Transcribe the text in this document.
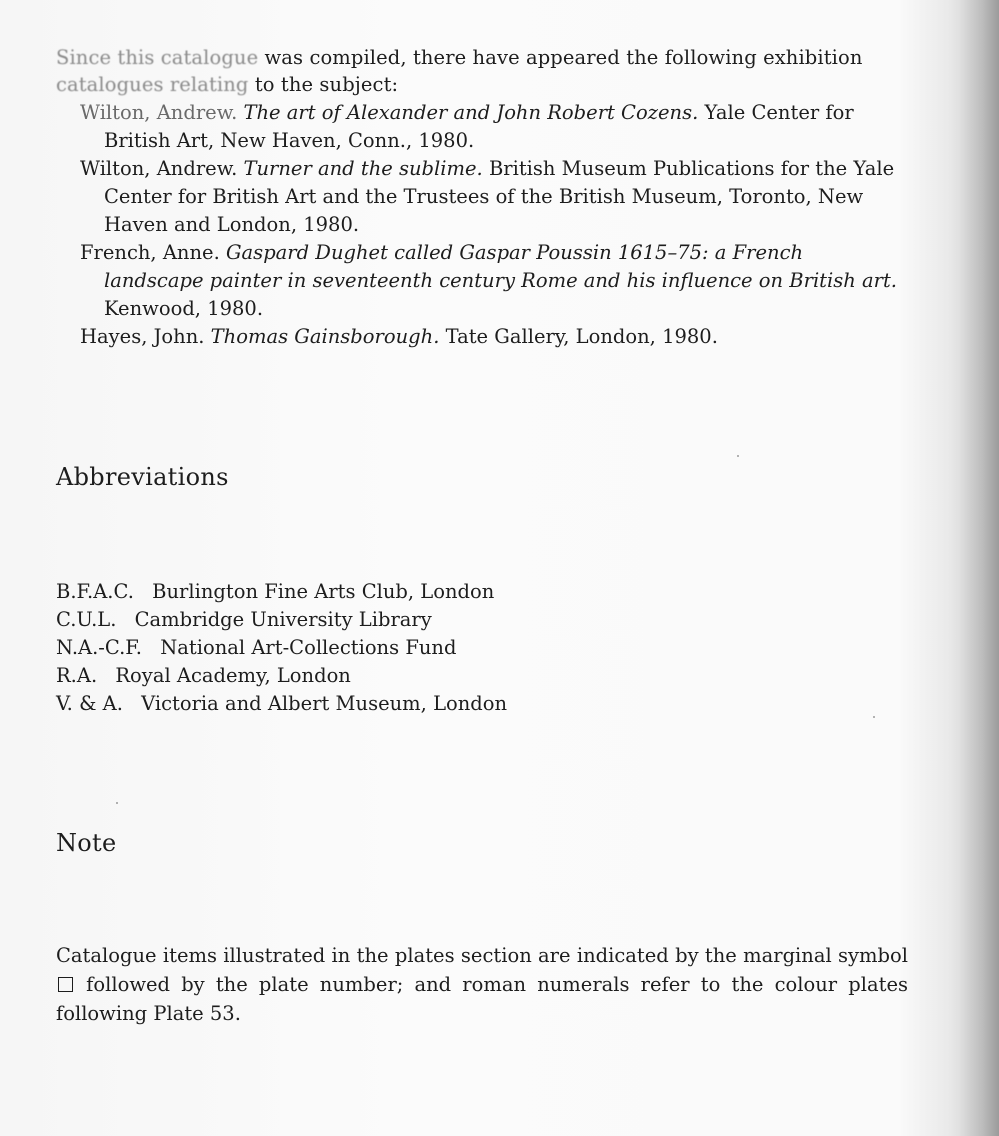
Since this catalogue was compiled, there have appeared the following exhibition
catalogues relating to the subject:

Wilton, Andrew. The art of Alexander and John Robert Cozens. Yale Center for British Art, New Haven, Conn., 1980.
Wilton, Andrew. Turner and the sublime. British Museum Publications for the Yale Center for British Art and the Trustees of the British Museum, Toronto, New Haven and London, 1980.
French, Anne. Gaspard Dughet called Gaspar Poussin 1615–75: a French landscape painter in seventeenth century Rome and his influence on British art. Kenwood, 1980.
Hayes, John. Thomas Gainsborough. Tate Gallery, London, 1980.
Abbreviations
B.F.A.C. Burlington Fine Arts Club, London
C.U.L. Cambridge University Library
N.A.-C.F. National Art-Collections Fund
R.A. Royal Academy, London
V. & A. Victoria and Albert Museum, London
Note

Catalogue items illustrated in the plates section are indicated by the marginal symbol  followed by the plate number; and roman numerals refer to the colour plates following Plate 53.
